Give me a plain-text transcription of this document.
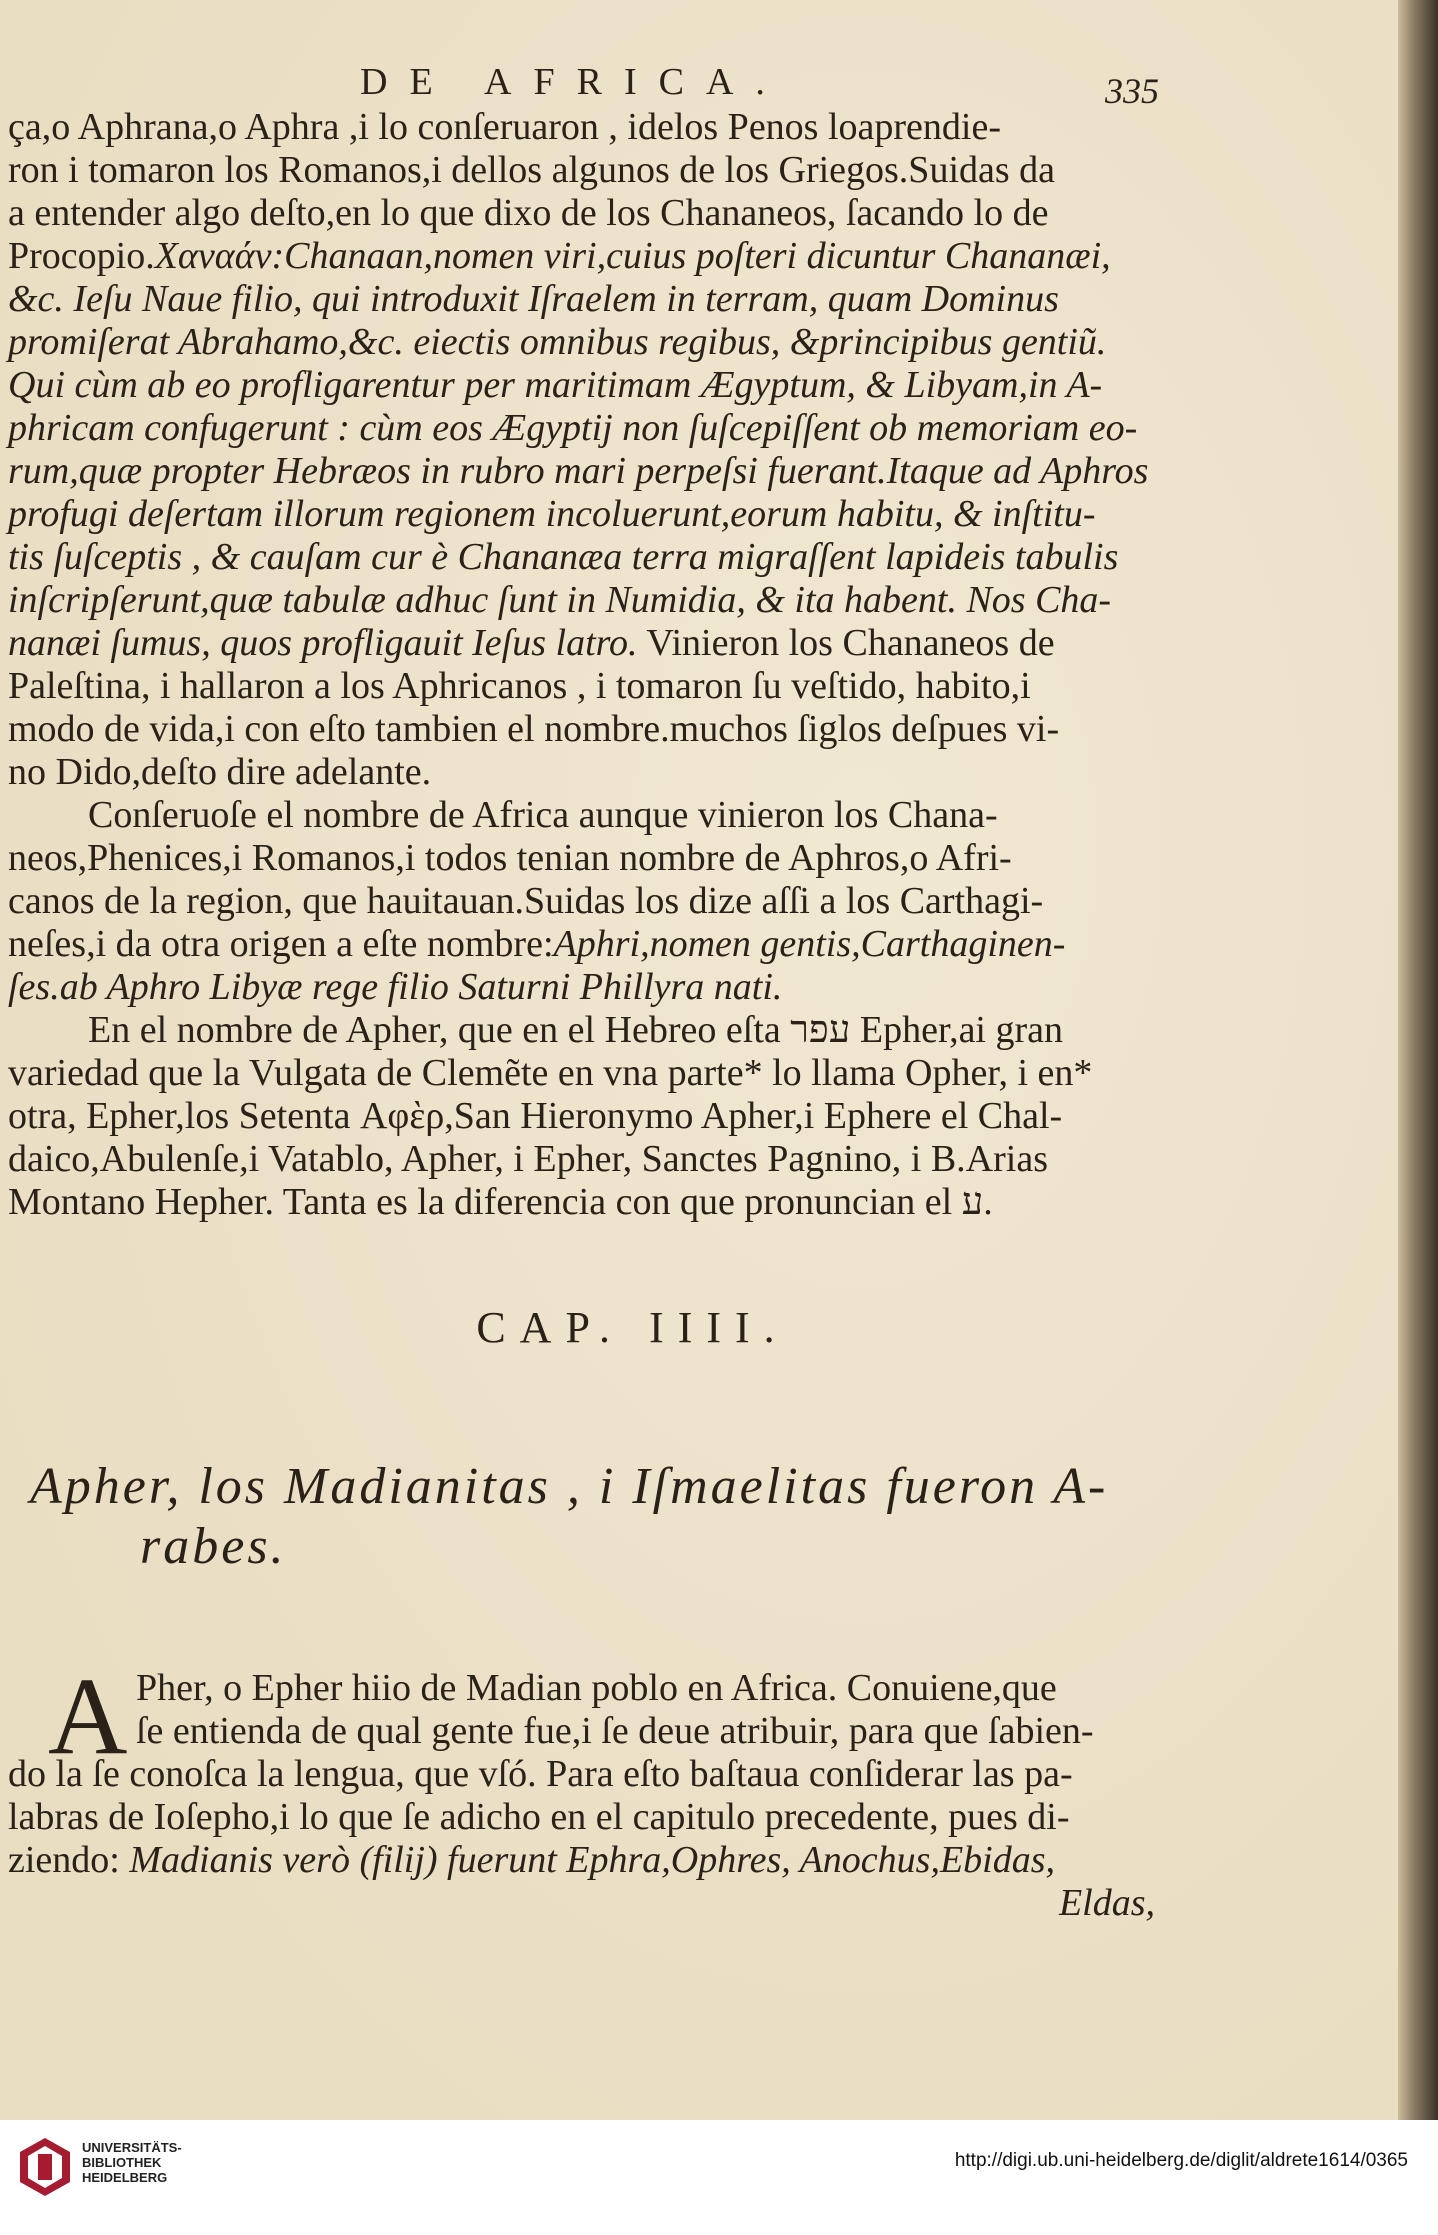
DE AFRICA.	335
ça,o Aphrana,o Aphra ,i lo conſeruaron , idelos Penos loaprendie-
ron i tomaron los Romanos,i dellos algunos de los Griegos.Suidas da
a entender algo deſto,en lo que dixo de los Chananeos, ſacando lo de
Procopio.Χαναάν:Chanaan,nomen viri,cuius poſteri dicuntur Chananæi,
&c. Ieſu Naue filio, qui introduxit Iſraelem in terram, quam Dominus
promiſerat Abrahamo,&c. eiectis omnibus regibus, &principibus gentiũ.
Qui cùm ab eo profligarentur per maritimam Ægyptum, & Libyam,in A-
phricam confugerunt : cùm eos Ægyptij non ſuſcepiſſent ob memoriam eo-
rum,quæ propter Hebræos in rubro mari perpeſsi fuerant.Itaque ad Aphros
profugi deſertam illorum regionem incoluerunt,eorum habitu, & inſtitu-
tis ſuſceptis , & cauſam cur è Chananæa terra migraſſent lapideis tabulis
inſcripſerunt,quæ tabulæ adhuc ſunt in Numidia, & ita habent. Nos Cha-
nanæi ſumus, quos profligauit Ieſus latro. Vinieron los Chananeos de
Paleſtina, i hallaron a los Aphricanos , i tomaron ſu veſtido, habito,i
modo de vida,i con eſto tambien el nombre.muchos ſiglos deſpues vi-
no Dido,deſto dire adelante.
Conſeruoſe el nombre de Africa aunque vinieron los Chana-
neos,Phenices,i Romanos,i todos tenian nombre de Aphros,o Afri-
canos de la region, que hauitauan.Suidas los dize aſſi a los Carthagi-
neſes,i da otra origen a eſte nombre:Aphri,nomen gentis,Carthaginen-
ſes.ab Aphro Libyæ rege filio Saturni Phillyra nati.
En el nombre de Apher, que en el Hebreo eſta עפר Epher,ai gran
variedad que la Vulgata de Clemẽte en vna parte* lo llama Opher, i en*
otra, Epher,los Setenta Αφὲρ,San Hieronymo Apher,i Ephere el Chal-
daico,Abulenſe,i Vatablo, Apher, i Epher, Sanctes Pagnino, i B.Arias
Montano Hepher. Tanta es la diferencia con que pronuncian el ע.
CAP. IIII.
Apher, los Madianitas , i Iſmaelitas fueron A-
rabes.
A Pher, o Epher hiio de Madian poblo en Africa. Conuiene,que
ſe entienda de qual gente fue,i ſe deue atribuir, para que ſabien-
do la ſe conoſca la lengua, que vſó. Para eſto baſtaua conſiderar las pa-
labras de Ioſepho,i lo que ſe adicho en el capitulo precedente, pues di-
ziendo: Madianis verò (filij) fuerunt Ephra,Ophres, Anochus,Ebidas,
Eldas,
UNIVERSITÄTS-
BIBLIOTHEK
HEIDELBERG
http://digi.ub.uni-heidelberg.de/diglit/aldrete1614/0365
